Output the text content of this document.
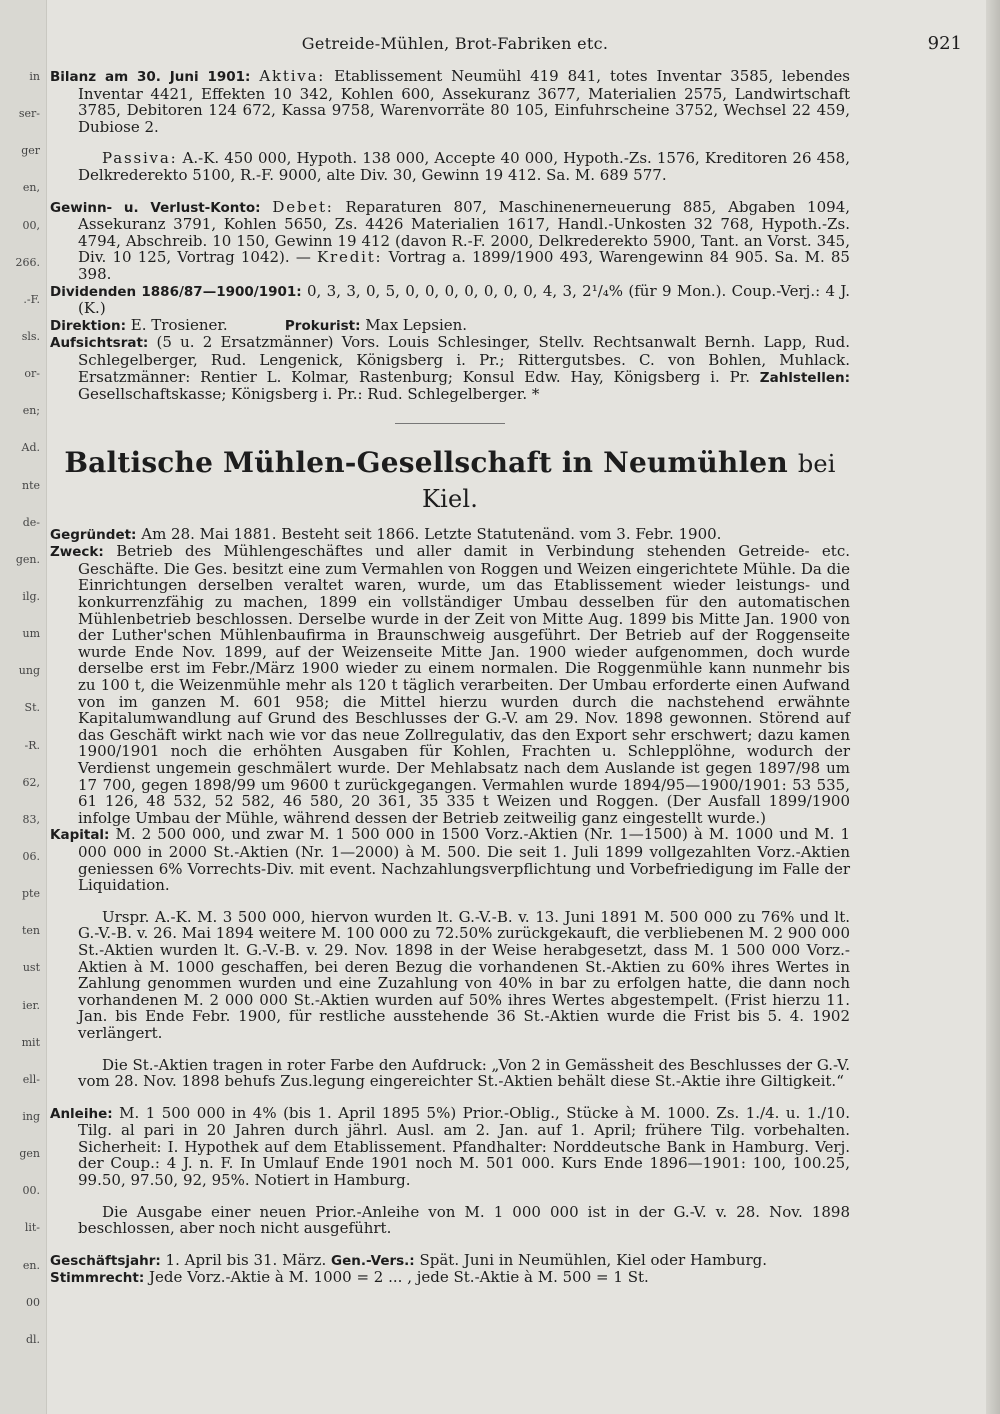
in
ser-
ger
en,
00,
266.
.-F.
sls.
or-
en;
Ad.
nte
de-
gen.
ilg.
um
ung
St.
-R.
62,
83,
06.
pte
ten
ust
ier.
mit
ell-
ing
gen
00.
lit-
en.
00
dl.
Getreide-Mühlen, Brot-Fabriken etc.	921

Bilanz am 30. Juni 1901: Aktiva: Etablissement Neumühl 419 841, totes Inventar 3585, lebendes Inventar 4421, Effekten 10 342, Kohlen 600, Assekuranz 3677, Materialien 2575, Landwirtschaft 3785, Debitoren 124 672, Kassa 9758, Warenvorräte 80 105, Einfuhrscheine 3752, Wechsel 22 459, Dubiose 2.

Passiva: A.-K. 450 000, Hypoth. 138 000, Accepte 40 000, Hypoth.-Zs. 1576, Kreditoren 26 458, Delkrederekto 5100, R.-F. 9000, alte Div. 30, Gewinn 19 412. Sa. M. 689 577.

Gewinn- u. Verlust-Konto: Debet: Reparaturen 807, Maschinenerneuerung 885, Abgaben 1094, Assekuranz 3791, Kohlen 5650, Zs. 4426 Materialien 1617, Handl.-Unkosten 32 768, Hypoth.-Zs. 4794, Abschreib. 10 150, Gewinn 19 412 (davon R.-F. 2000, Delkrederekto 5900, Tant. an Vorst. 345, Div. 10 125, Vortrag 1042). — Kredit: Vortrag a. 1899/1900 493, Warengewinn 84 905. Sa. M. 85 398.

Dividenden 1886/87—1900/1901: 0, 3, 3, 0, 5, 0, 0, 0, 0, 0, 0, 0, 4, 3, 2¹/₄% (für 9 Mon.). Coup.-Verj.: 4 J. (K.)

Direktion: E. Trosiener.	Prokurist: Max Lepsien.

Aufsichtsrat: (5 u. 2 Ersatzmänner) Vors. Louis Schlesinger, Stellv. Rechtsanwalt Bernh. Lapp, Rud. Schlegelberger, Rud. Lengenick, Königsberg i. Pr.; Rittergutsbes. C. von Bohlen, Muhlack. Ersatzmänner: Rentier L. Kolmar, Rastenburg; Konsul Edw. Hay, Königsberg i. Pr. Zahlstellen: Gesellschaftskasse; Königsberg i. Pr.: Rud. Schlegelberger. *

Baltische Mühlen-Gesellschaft in Neumühlen bei Kiel.

Gegründet: Am 28. Mai 1881. Besteht seit 1866. Letzte Statutenänd. vom 3. Febr. 1900.

Zweck: Betrieb des Mühlengeschäftes und aller damit in Verbindung stehenden Getreide- etc. Geschäfte. Die Ges. besitzt eine zum Vermahlen von Roggen und Weizen eingerichtete Mühle. Da die Einrichtungen derselben veraltet waren, wurde, um das Etablissement wieder leistungs- und konkurrenzfähig zu machen, 1899 ein vollständiger Umbau desselben für den automatischen Mühlenbetrieb beschlossen. Derselbe wurde in der Zeit von Mitte Aug. 1899 bis Mitte Jan. 1900 von der Luther'schen Mühlenbaufirma in Braunschweig ausgeführt. Der Betrieb auf der Roggenseite wurde Ende Nov. 1899, auf der Weizenseite Mitte Jan. 1900 wieder aufgenommen, doch wurde derselbe erst im Febr./März 1900 wieder zu einem normalen. Die Roggenmühle kann nunmehr bis zu 100 t, die Weizenmühle mehr als 120 t täglich verarbeiten. Der Umbau erforderte einen Aufwand von im ganzen M. 601 958; die Mittel hierzu wurden durch die nachstehend erwähnte Kapitalumwandlung auf Grund des Beschlusses der G.-V. am 29. Nov. 1898 gewonnen. Störend auf das Geschäft wirkt nach wie vor das neue Zollregulativ, das den Export sehr erschwert; dazu kamen 1900/1901 noch die erhöhten Ausgaben für Kohlen, Frachten u. Schlepplöhne, wodurch der Verdienst ungemein geschmälert wurde. Der Mehlabsatz nach dem Auslande ist gegen 1897/98 um 17 700, gegen 1898/99 um 9600 t zurückgegangen. Vermahlen wurde 1894/95—1900/1901: 53 535, 61 126, 48 532, 52 582, 46 580, 20 361, 35 335 t Weizen und Roggen. (Der Ausfall 1899/1900 infolge Umbau der Mühle, während dessen der Betrieb zeitweilig ganz eingestellt wurde.)

Kapital: M. 2 500 000, und zwar M. 1 500 000 in 1500 Vorz.-Aktien (Nr. 1—1500) à M. 1000 und M. 1 000 000 in 2000 St.-Aktien (Nr. 1—2000) à M. 500. Die seit 1. Juli 1899 vollgezahlten Vorz.-Aktien geniessen 6% Vorrechts-Div. mit event. Nachzahlungsverpflichtung und Vorbefriedigung im Falle der Liquidation.

Urspr. A.-K. M. 3 500 000, hiervon wurden lt. G.-V.-B. v. 13. Juni 1891 M. 500 000 zu 76% und lt. G.-V.-B. v. 26. Mai 1894 weitere M. 100 000 zu 72.50% zurückgekauft, die verbliebenen M. 2 900 000 St.-Aktien wurden lt. G.-V.-B. v. 29. Nov. 1898 in der Weise herabgesetzt, dass M. 1 500 000 Vorz.-Aktien à M. 1000 geschaffen, bei deren Bezug die vorhandenen St.-Aktien zu 60% ihres Wertes in Zahlung genommen wurden und eine Zuzahlung von 40% in bar zu erfolgen hatte, die dann noch vorhandenen M. 2 000 000 St.-Aktien wurden auf 50% ihres Wertes abgestempelt. (Frist hierzu 11. Jan. bis Ende Febr. 1900, für restliche ausstehende 36 St.-Aktien wurde die Frist bis 5. 4. 1902 verlängert.

Die St.-Aktien tragen in roter Farbe den Aufdruck: „Von 2 in Gemässheit des Beschlusses der G.-V. vom 28. Nov. 1898 behufs Zus.legung eingereichter St.-Aktien behält diese St.-Aktie ihre Giltigkeit.“

Anleihe: M. 1 500 000 in 4% (bis 1. April 1895 5%) Prior.-Oblig., Stücke à M. 1000. Zs. 1./4. u. 1./10. Tilg. al pari in 20 Jahren durch jährl. Ausl. am 2. Jan. auf 1. April; frühere Tilg. vorbehalten. Sicherheit: I. Hypothek auf dem Etablissement. Pfandhalter: Norddeutsche Bank in Hamburg. Verj. der Coup.: 4 J. n. F. In Umlauf Ende 1901 noch M. 501 000. Kurs Ende 1896—1901: 100, 100.25, 99.50, 97.50, 92, 95%. Notiert in Hamburg.

Die Ausgabe einer neuen Prior.-Anleihe von M. 1 000 000 ist in der G.-V. v. 28. Nov. 1898 beschlossen, aber noch nicht ausgeführt.

Geschäftsjahr: 1. April bis 31. März. Gen.-Vers.: Spät. Juni in Neumühlen, Kiel oder Hamburg.

Stimmrecht: Jede Vorz.-Aktie à M. 1000 = 2 ... , jede St.-Aktie à M. 500 = 1 St.
